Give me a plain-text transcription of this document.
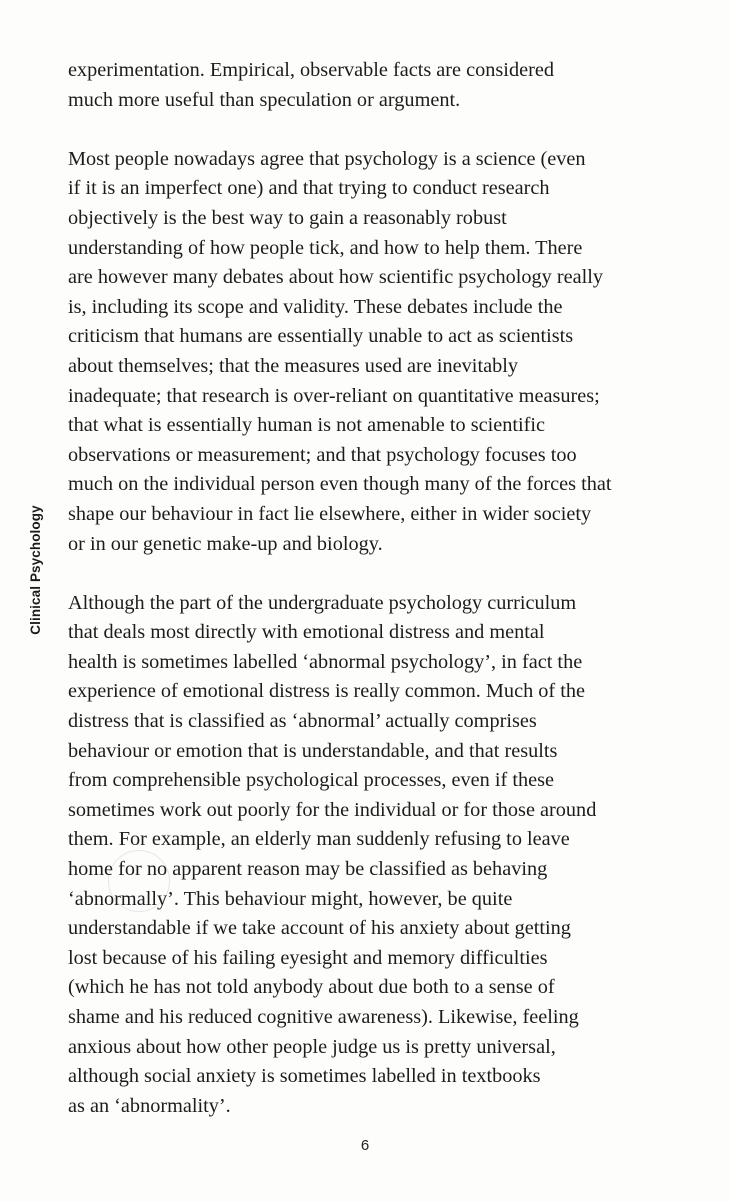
Clinical Psychology

experimentation. Empirical, observable facts are considered
much more useful than speculation or argument.

Most people nowadays agree that psychology is a science (even
if it is an imperfect one) and that trying to conduct research
objectively is the best way to gain a reasonably robust
understanding of how people tick, and how to help them. There
are however many debates about how scientific psychology really
is, including its scope and validity. These debates include the
criticism that humans are essentially unable to act as scientists
about themselves; that the measures used are inevitably
inadequate; that research is over-reliant on quantitative measures;
that what is essentially human is not amenable to scientific
observations or measurement; and that psychology focuses too
much on the individual person even though many of the forces that
shape our behaviour in fact lie elsewhere, either in wider society
or in our genetic make-up and biology.

Although the part of the undergraduate psychology curriculum
that deals most directly with emotional distress and mental
health is sometimes labelled ‘abnormal psychology’, in fact the
experience of emotional distress is really common. Much of the
distress that is classified as ‘abnormal’ actually comprises
behaviour or emotion that is understandable, and that results
from comprehensible psychological processes, even if these
sometimes work out poorly for the individual or for those around
them. For example, an elderly man suddenly refusing to leave
home for no apparent reason may be classified as behaving
‘abnormally’. This behaviour might, however, be quite
understandable if we take account of his anxiety about getting
lost because of his failing eyesight and memory difficulties
(which he has not told anybody about due both to a sense of
shame and his reduced cognitive awareness). Likewise, feeling
anxious about how other people judge us is pretty universal,
although social anxiety is sometimes labelled in textbooks
as an ‘abnormality’.

6
